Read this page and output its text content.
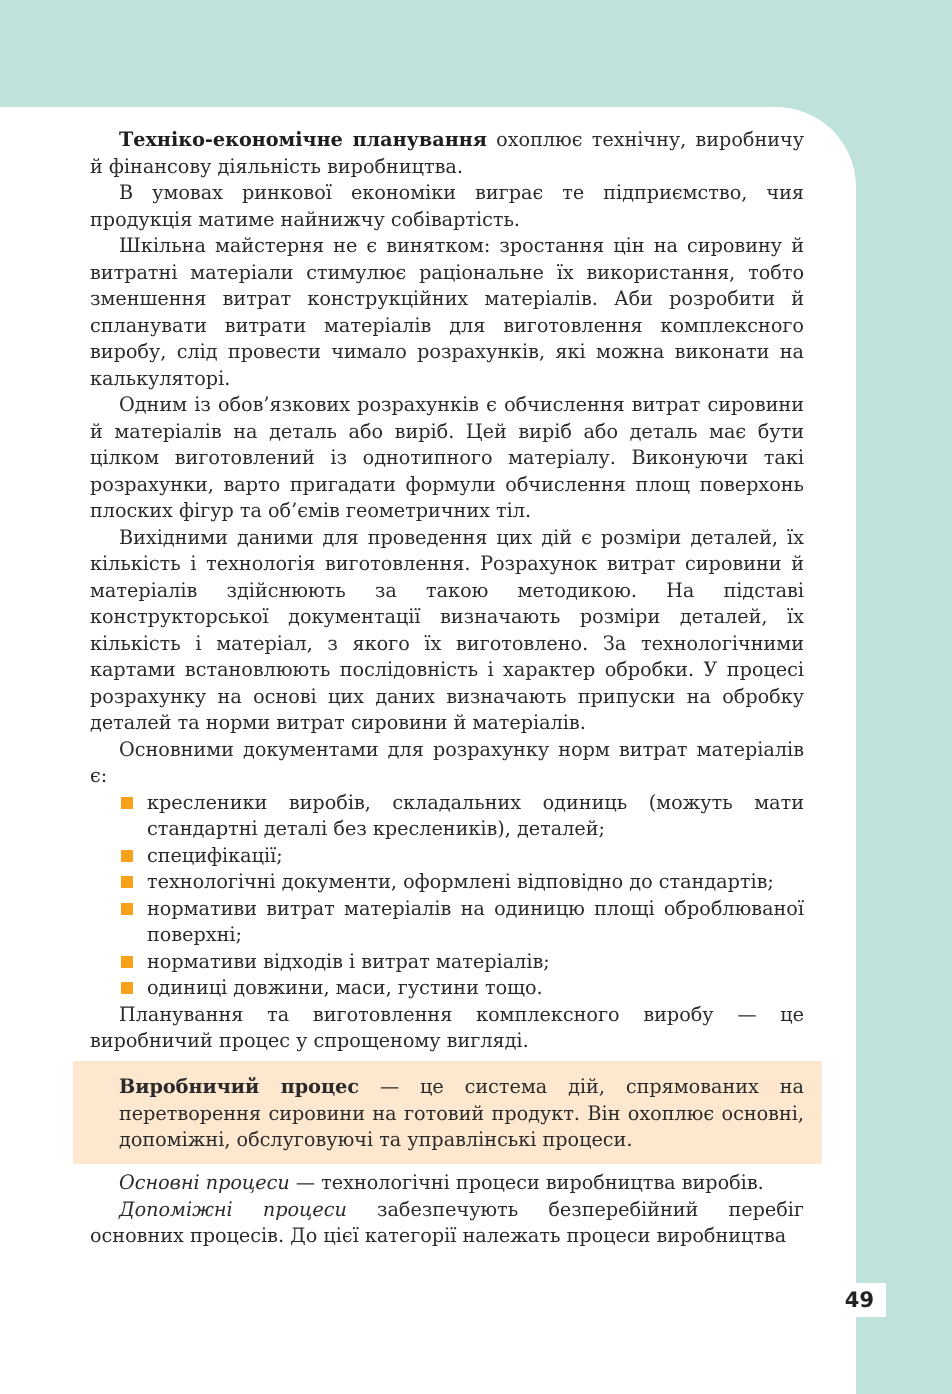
Техніко-економічне планування охоплює технічну, виробничу й фінансову діяльність виробництва.

В умовах ринкової економіки виграє те підприємство, чия продукція матиме найнижчу собівартість.

Шкільна майстерня не є винятком: зростання цін на сировину й витратні матеріали стимулює раціональне їх використання, тобто зменшення витрат конструкційних матеріалів. Аби розробити й спланувати витрати матеріалів для виготовлення комплексного виробу, слід провести чимало розрахунків, які можна виконати на калькуляторі.

Одним із обов’язкових розрахунків є обчислення витрат сировини й матеріалів на деталь або виріб. Цей виріб або деталь має бути цілком виготовлений із однотипного матеріалу. Виконуючи такі розрахунки, варто пригадати формули обчислення площ поверхонь плоских фігур та об’ємів геометричних тіл.

Вихідними даними для проведення цих дій є розміри деталей, їх кількість і технологія виготовлення. Розрахунок витрат сировини й матеріалів здійснюють за такою методикою. На підставі конструкторської документації визначають розміри деталей, їх кількість і матеріал, з якого їх виготовлено. За технологічними картами встановлюють послідовність і характер обробки. У процесі розрахунку на основі цих даних визначають припуски на обробку деталей та норми витрат сировини й матеріалів.

Основними документами для розрахунку норм витрат матеріалів є:

кресленики виробів, складальних одиниць (можуть мати стандартні деталі без креслеників), деталей;
специфікації;
технологічні документи, оформлені відповідно до стандартів;
нормативи витрат матеріалів на одиницю площі оброблюваної поверхні;
нормативи відходів і витрат матеріалів;
одиниці довжини, маси, густини тощо.

Планування та виготовлення комплексного виробу — це виробничий процес у спрощеному вигляді.

Виробничий процес — це система дій, спрямованих на перетворення сировини на готовий продукт. Він охоплює основні, допоміжні, обслуговуючі та управлінські процеси.

Основні процеси — технологічні процеси виробництва виробів.

Допоміжні процеси забезпечують безперебійний перебіг основних процесів. До цієї категорії належать процеси виробництва

49
